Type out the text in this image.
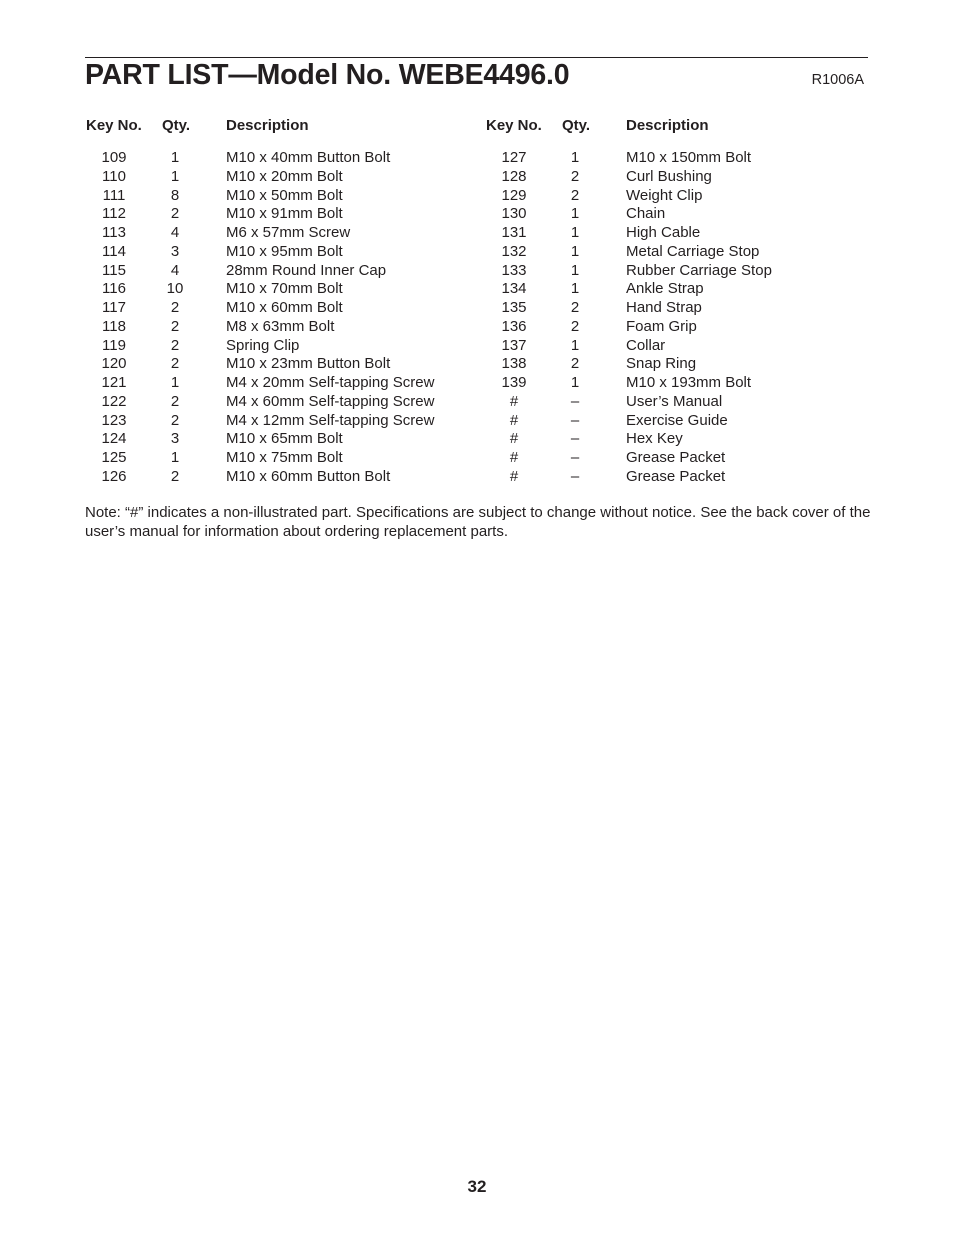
PART LIST—Model No. WEBE4496.0	R1006A
Key No. Qty. Description
109	1	M10 x 40mm Button Bolt
110	1	M10 x 20mm Bolt
111	8	M10 x 50mm Bolt
112	2	M10 x 91mm Bolt
113	4	M6 x 57mm Screw
114	3	M10 x 95mm Bolt
115	4	28mm Round Inner Cap
116	10	M10 x 70mm Bolt
117	2	M10 x 60mm Bolt
118	2	M8 x 63mm Bolt
119	2	Spring Clip
120	2	M10 x 23mm Button Bolt
121	1	M4 x 20mm Self-tapping Screw
122	2	M4 x 60mm Self-tapping Screw
123	2	M4 x 12mm Self-tapping Screw
124	3	M10 x 65mm Bolt
125	1	M10 x 75mm Bolt
126	2	M10 x 60mm Button Bolt
Key No. Qty. Description
127	1	M10 x 150mm Bolt
128	2	Curl Bushing
129	2	Weight Clip
130	1	Chain
131	1	High Cable
132	1	Metal Carriage Stop
133	1	Rubber Carriage Stop
134	1	Ankle Strap
135	2	Hand Strap
136	2	Foam Grip
137	1	Collar
138	2	Snap Ring
139	1	M10 x 193mm Bolt
#	–	User’s Manual
#	–	Exercise Guide
#	–	Hex Key
#	–	Grease Packet
#	–	Grease Packet
Note: “#” indicates a non-illustrated part. Specifications are subject to change without notice. See the back cover of the user’s manual for information about ordering replacement parts.
32
